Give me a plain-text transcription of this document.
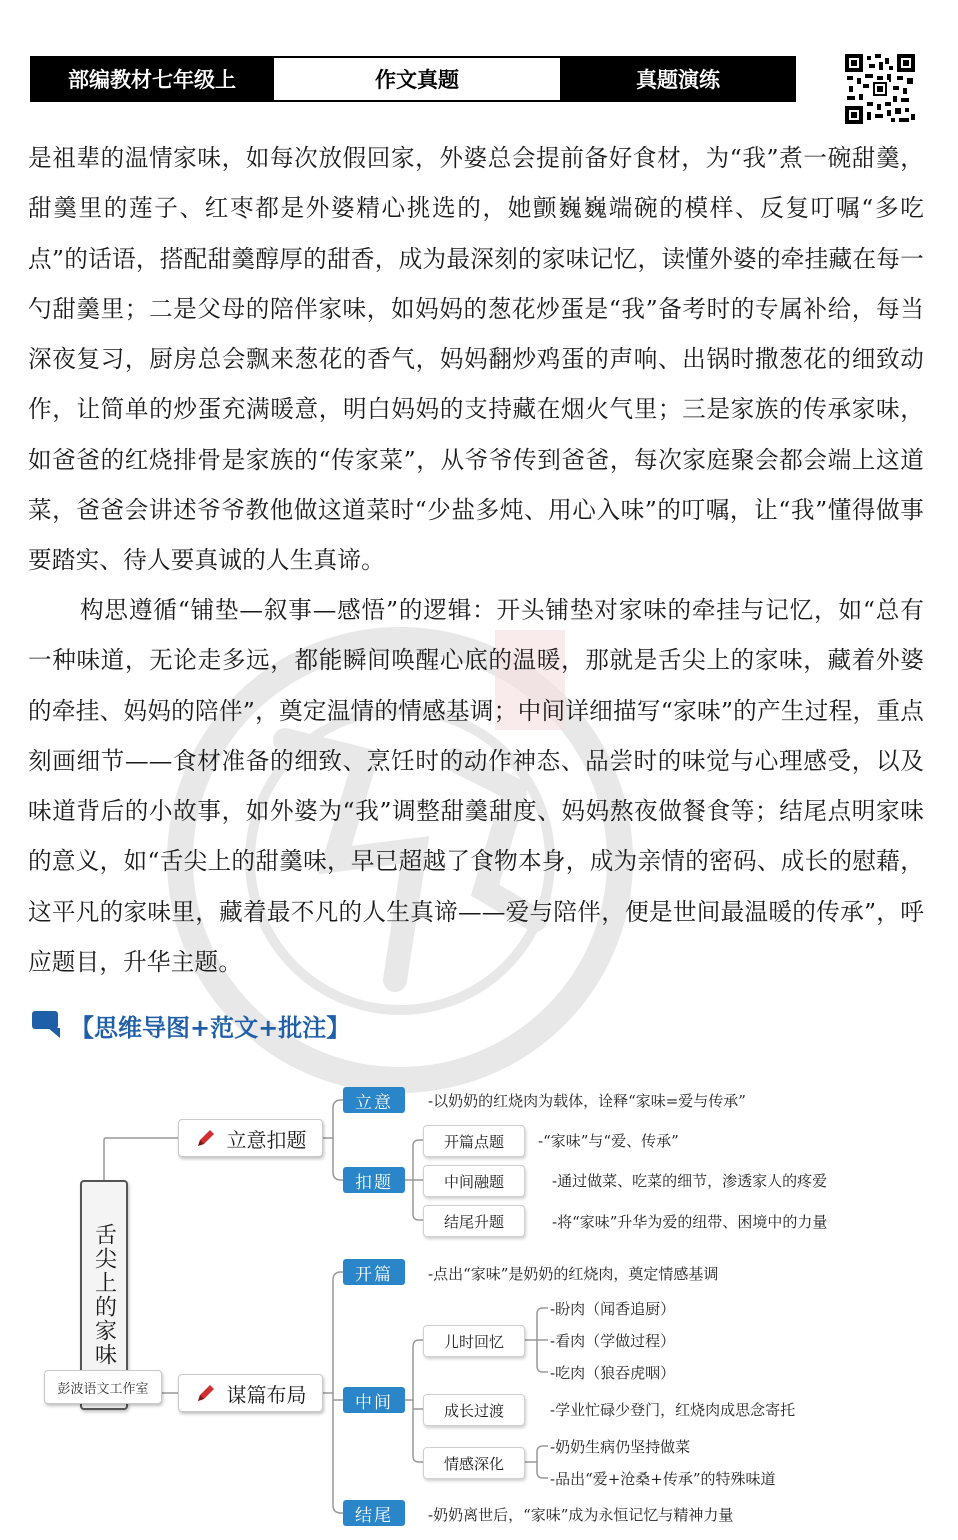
部编教材七年级上	作文真题	真题演练

是祖辈的温情家味，如每次放假回家，外婆总会提前备好食材，为“我”煮一碗甜羹，甜羹里的莲子、红枣都是外婆精心挑选的，她颤巍巍端碗的模样、反复叮嘱“多吃点”的话语，搭配甜羹醇厚的甜香，成为最深刻的家味记忆，读懂外婆的牵挂藏在每一勺甜羹里；二是父母的陪伴家味，如妈妈的葱花炒蛋是“我”备考时的专属补给，每当深夜复习，厨房总会飘来葱花的香气，妈妈翻炒鸡蛋的声响、出锅时撒葱花的细致动作，让简单的炒蛋充满暖意，明白妈妈的支持藏在烟火气里；三是家族的传承家味，如爸爸的红烧排骨是家族的“传家菜”，从爷爷传到爸爸，每次家庭聚会都会端上这道菜，爸爸会讲述爷爷教他做这道菜时“少盐多炖、用心入味”的叮嘱，让“我”懂得做事要踏实、待人要真诚的人生真谛。

构思遵循“铺垫—叙事—感悟”的逻辑：开头铺垫对家味的牵挂与记忆，如“总有一种味道，无论走多远，都能瞬间唤醒心底的温暖，那就是舌尖上的家味，藏着外婆的牵挂、妈妈的陪伴”，奠定温情的情感基调；中间详细描写“家味”的产生过程，重点刻画细节——食材准备的细致、烹饪时的动作神态、品尝时的味觉与心理感受，以及味道背后的小故事，如外婆为“我”调整甜羹甜度、妈妈熬夜做餐食等；结尾点明家味的意义，如“舌尖上的甜羹味，早已超越了食物本身，成为亲情的密码、成长的慰藉，这平凡的家味里，藏着最不凡的人生真谛——爱与陪伴，便是世间最温暖的传承”，呼应题目，升华主题。

【思维导图+范文+批注】
舌尖上的家味
彭波语文工作室
立意扣题
立意	-以奶奶的红烧肉为载体，诠释“家味=爱与传承”
扣题
开篇点题	-“家味”与“爱、传承”
中间融题	-通过做菜、吃菜的细节，渗透家人的疼爱
结尾升题	-将“家味”升华为爱的纽带、困境中的力量
谋篇布局
开篇	-点出“家味”是奶奶的红烧肉，奠定情感基调
中间
儿时回忆
-盼肉（闻香追厨）
-看肉（学做过程）
-吃肉（狼吞虎咽）
成长过渡	-学业忙碌少登门，红烧肉成思念寄托
情感深化
-奶奶生病仍坚持做菜
-品出“爱+沧桑+传承”的特殊味道
结尾	-奶奶离世后，“家味”成为永恒记忆与精神力量
